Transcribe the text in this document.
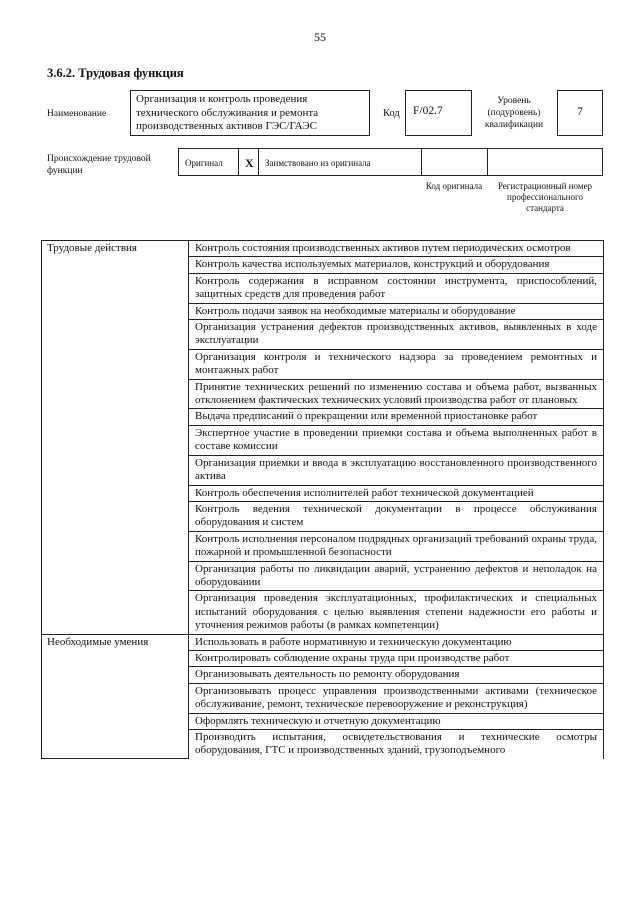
55
3.6.2. Трудовая функция
Наименование
Организация и контроль проведения технического обслуживания и ремонта производственных активов ГЭС/ГАЭС
Код	F/02.7
Уровень (подуровень) квалификации
7
Происхождение трудовой функции
Оригинал X Заимствовано из оригинала
Код оригинала	Регистрационный номер профессионального стандарта
Трудовые действия	Контроль состояния производственных активов путем периодических осмотров
	Контроль качества используемых материалов, конструкций и оборудования
	Контроль содержания в исправном состоянии инструмента, приспособлений, защитных средств для проведения работ
	Контроль подачи заявок на необходимые материалы и оборудование
	Организация устранения дефектов производственных активов, выявленных в ходе эксплуатации
	Организация контроля и технического надзора за проведением ремонтных и монтажных работ
	Принятие технических решений по изменению состава и объема работ, вызванных отклонением фактических технических условий производства работ от плановых
	Выдача предписаний о прекращении или временной приостановке работ
	Экспертное участие в проведении приемки состава и объема выполненных работ в составе комиссии
	Организация приемки и ввода в эксплуатацию восстановленного производственного актива
	Контроль обеспечения исполнителей работ технической документацией
	Контроль ведения технической документации в процессе обслуживания оборудования и систем
	Контроль исполнения персоналом подрядных организаций требований охраны труда, пожарной и промышленной безопасности
	Организация работы по ликвидации аварий, устранению дефектов и неполадок на оборудовании
	Организация проведения эксплуатационных, профилактических и специальных испытаний оборудования с целью выявления степени надежности его работы и уточнения режимов работы (в рамках компетенции)
Необходимые умения	Использовать в работе нормативную и техническую документацию
	Контролировать соблюдение охраны труда при производстве работ
	Организовывать деятельность по ремонту оборудования
	Организовывать процесс управления производственными активами (техническое обслуживание, ремонт, техническое перевооружение и реконструкция)
	Оформлять техническую и отчетную документацию
	Производить испытания, освидетельствования и технические осмотры оборудования, ГТС и производственных зданий, грузоподъемного
